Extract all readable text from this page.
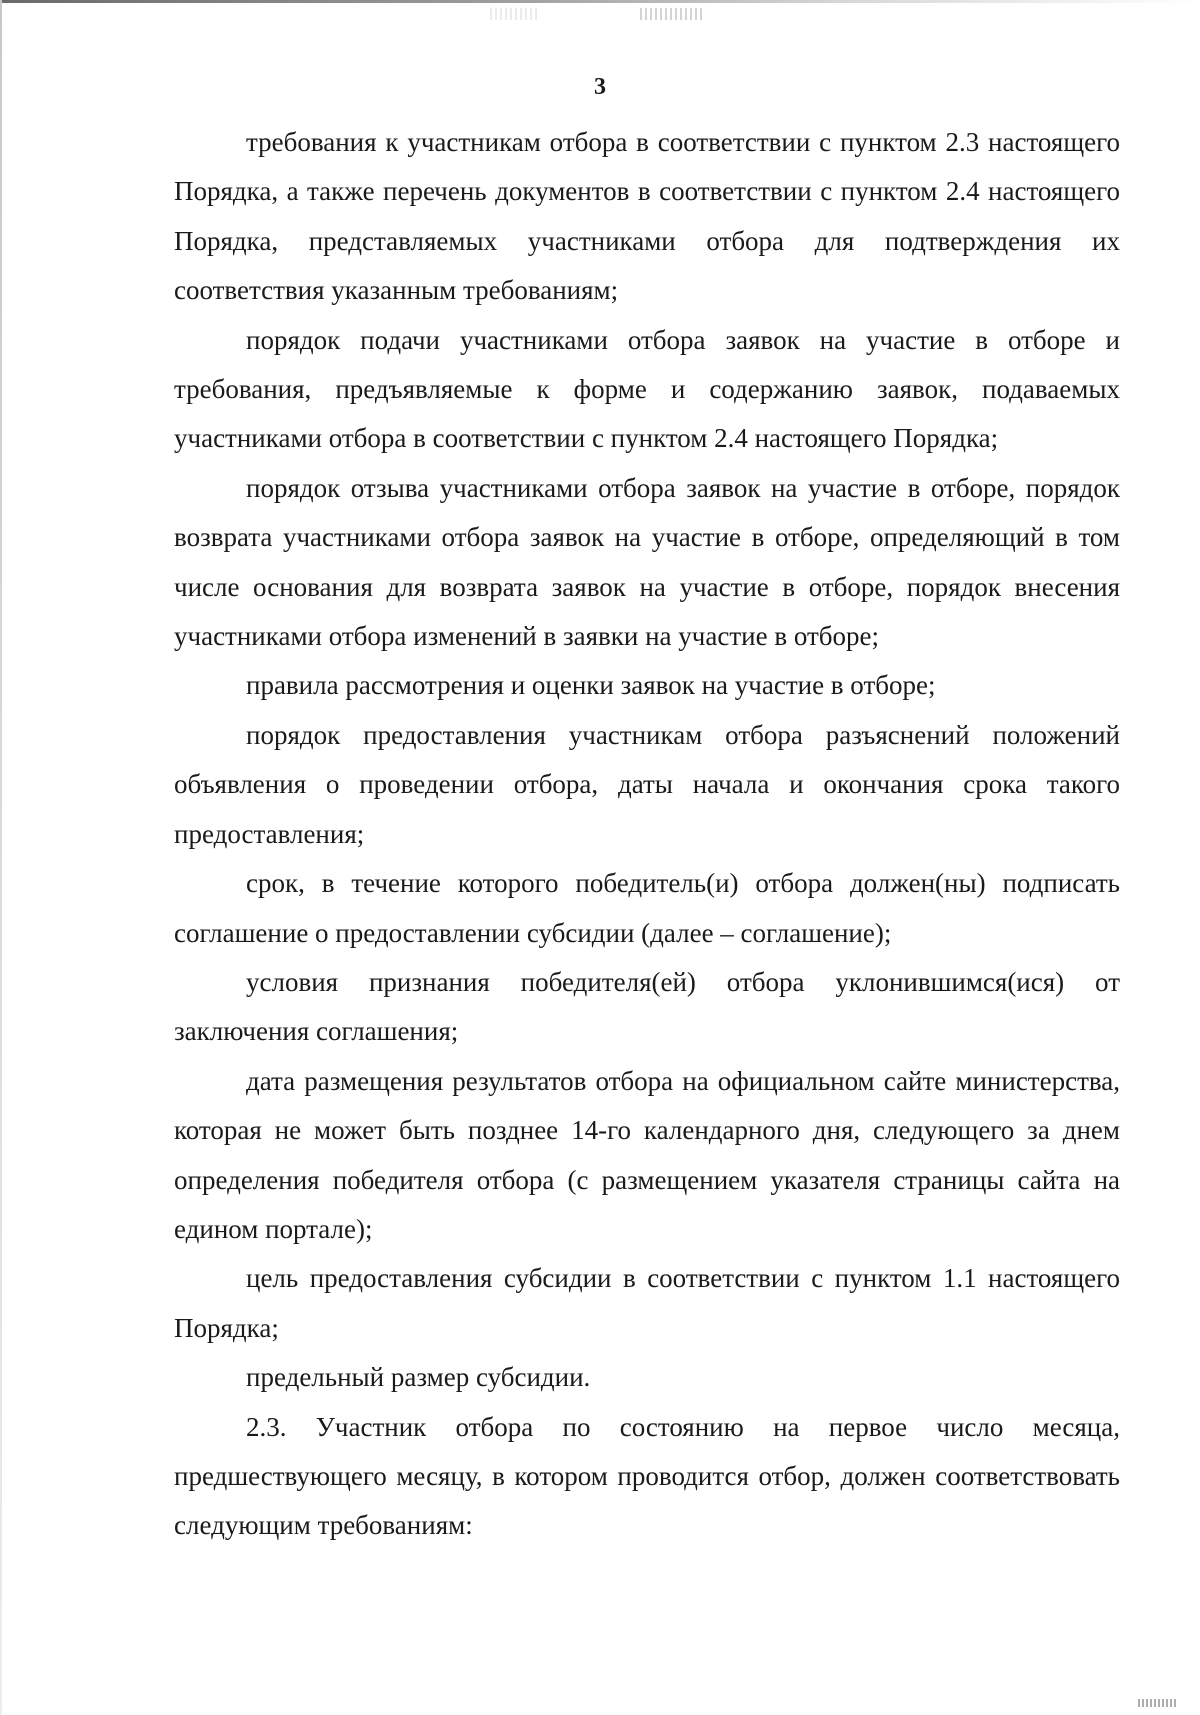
3

требования к участникам отбора в соответствии с пунктом 2.3 настоящего Порядка, а также перечень документов в соответствии с пунктом 2.4 настоящего Порядка, представляемых участниками отбора для подтверждения их соответствия указанным требованиям;

порядок подачи участниками отбора заявок на участие в отборе и требования, предъявляемые к форме и содержанию заявок, подаваемых участниками отбора в соответствии с пунктом 2.4 настоящего Порядка;

порядок отзыва участниками отбора заявок на участие в отборе, порядок возврата участниками отбора заявок на участие в отборе, определяющий в том числе основания для возврата заявок на участие в отборе, порядок внесения участниками отбора изменений в заявки на участие в отборе;

правила рассмотрения и оценки заявок на участие в отборе;

порядок предоставления участникам отбора разъяснений положений объявления о проведении отбора, даты начала и окончания срока такого предоставления;

срок, в течение которого победитель(и) отбора должен(ны) подписать соглашение о предоставлении субсидии (далее – соглашение);

условия признания победителя(ей) отбора уклонившимся(ися) от заключения соглашения;

дата размещения результатов отбора на официальном сайте министерства, которая не может быть позднее 14-го календарного дня, следующего за днем определения победителя отбора (с размещением указателя страницы сайта на едином портале);

цель предоставления субсидии в соответствии с пунктом 1.1 настоящего Порядка;

предельный размер субсидии.

2.3. Участник отбора по состоянию на первое число месяца, предшествующего месяцу, в котором проводится отбор, должен соответствовать следующим требованиям:
